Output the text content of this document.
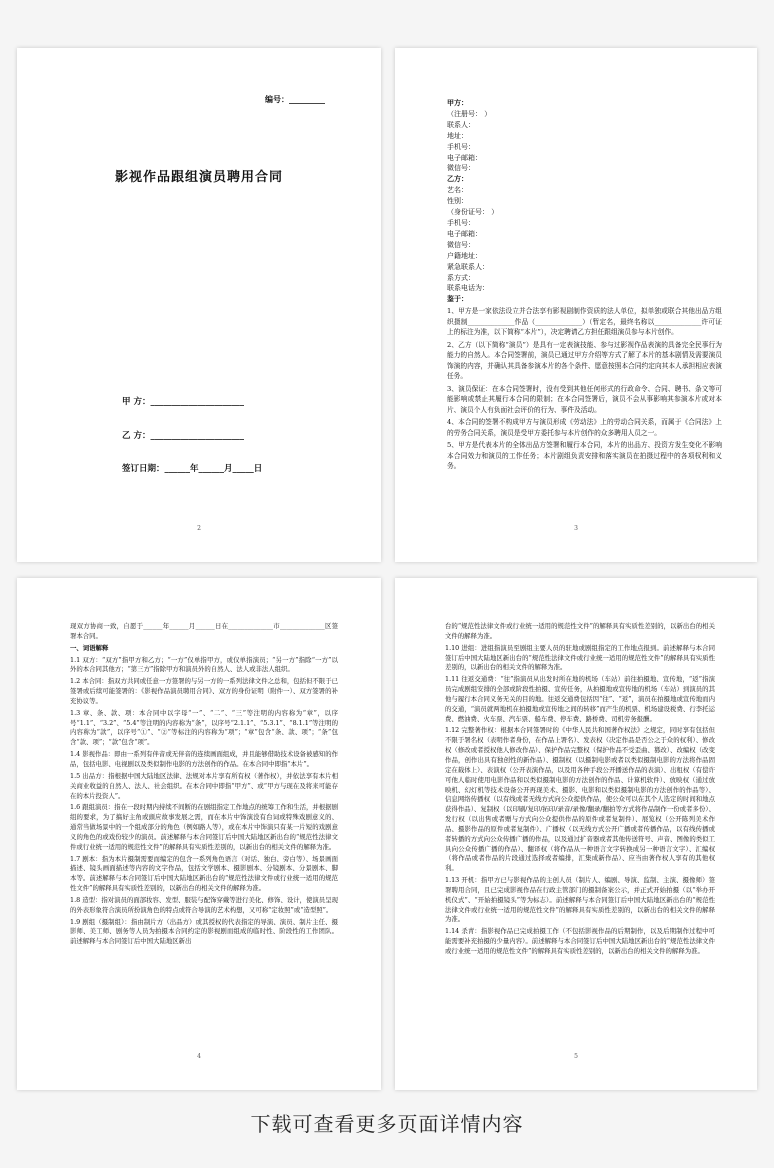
编号：_________
影视作品跟组演员聘用合同
甲 方：______________________
乙 方：______________________
签订日期：______年______月_____日
2
甲方：
（注册号： ）
联系人：
地址：
手机号：
电子邮箱：
微信号：
乙方：
艺名：
性别：
（身份证号： ）
手机号：
电子邮箱：
微信号：
户籍地址：
紧急联系人：
系方式：
联系电话为：
鉴于：

1、甲方是一家依法设立并合法享有影视剧制作资质的法人单位，拟单独或联合其他出品方组织摄制______________作品（______________）（暂定名，最终名称以______________许可证上的标注为准，以下简称“本片”），决定聘请乙方担任跟组演员参与本片创作。

2、乙方（以下简称“演员”）是具有一定表演技能、参与过影视作品表演的具备完全民事行为能力的自然人。本合同签署前，演员已通过甲方介绍等方式了解了本片的基本剧情及需要演员饰演的内容，并确认其具备参演本片的各个条件、愿意按照本合同约定向其本人承担相应表演任务。

3、演员保证：在本合同签署时，没有受到其他任何形式的行政命令、合同、聘书、条文等可能影响或禁止其履行本合同的限制；在本合同签署后，演员不会从事影响其参演本片或对本片、演员个人有负面社会评价的行为、事件及活动。

4、本合同的签署不构成甲方与演员形成《劳动法》上的劳动合同关系，而属于《合同法》上的劳务合同关系，演员是受甲方委托参与本片创作的众多聘用人员之一。

5、甲方是代表本片的全体出品方签署和履行本合同，本片的出品方、投资方发生变化不影响本合同效力和演员的工作任务；本片剧组负责安排和落实演员在拍摄过程中的各项权利和义务。

3

现双方协商一致，自愿于______年______月______日在______________市______________区签署本合同。

一、词语解释

1.1 双方：“双方”指甲方和乙方；“一方”仅单指甲方，或仅单指演员；“另一方”指除“一方”以外的本合同其他方；“第三方”指除甲方和演员外的自然人、法人或非法人组织。

1.2 本合同：指双方共同或任意一方签署的与另一方的一系列法律文件之总和，包括但不限于已签署或后续可能签署的：《影视作品演员聘用合同》、双方的身份证明（附件一）、双方签署的补充协议等。

1.3 章、条、款、项：本合同中以字母“一”、“二”、“三”等注明的内容称为“章”，以序号“1.1”、“3.2”、“5.4”等注明的内容称为“条”，以序号“2.1.1”、“5.3.1”、“8.1.1”等注明的内容称为“款”，以序号“①”、“②”等标注的内容称为“项”；“章”包含“条、款、项”；“条”包含“款、项”；“款”包含“项”。

1.4 影视作品：即由一系列有伴音或无伴音的连续画面组成，并且能够借助技术设备被感知的作品，包括电影、电视剧以及类似制作电影的方法创作的作品。在本合同中即指“本片”。

1.5 出品方：指根据中国大陆地区法律、法规对本片享有所有权（著作权），并依法享有本片相关商业收益的自然人、法人、社会组织。在本合同中即指“甲方”、或“甲方与现在及将来可能存在的本片投资人”。

1.6 跟组演员：指在一段时期内持续不间断的在剧组指定工作地点的统筹工作和生活，并根据剧组的要求，为了搞好主角或頭应故事发展之需，而在本片中饰演没有台词或特殊戏剧意义的、通常当做场景中的一个组成部分的角色（例如路人等），或在本片中饰演只有某一片短的戏剧意义的角色的或戏份较少的演员。前述解释与本合同签订后中国大陆地区新出台的“规范性法律文件或行业统一适用的规范性文件”的解释具有实质性差别的，以新出台的相关文件的解释为准。

1.7 剧本：指为本片摄制需要而编定的包含一系列角色语言（对话、独白、旁白等）、场景画面描述、镜头画面描述等内容的文字作品，包括文学剧本、摄影剧本、分镜剧本、分景剧本、脚本等。前述解释与本合同签订后中国大陆地区新出台的“规范性法律文件或行业统一适用的规范性文件”的解释具有实质性差别的，以新出台的相关文件的解释为准。

1.8 造型：指对演员的面部妆容、发型、服装与配饰穿戴等进行美化、修饰、设计，使演员呈现的外表形象符合演员所扮演角色的特点或符合导演的艺术构想，又可称“定妆照”或“造型照”。

1.9 剧组（摄制组）：指由制片方（出品方）或其授权的代表指定的导演、演员、制片主任、摄影师、美工师、剧务等人员为拍摄本合同约定的影视剧而组成的临时性、阶段性的工作团队。前述解释与本合同签订后中国大陆地区新出

4

台的“规范性法律文件或行业统一适用的规范性文件”的解释具有实质性差别的，以新出台的相关文件的解释为准。

1.10 进组：进组指演员至剧组主要人员的驻地或剧组指定的工作地点报到。前述解释与本合同签订后中国大陆地区新出台的“规范性法律文件或行业统一适用的规范性文件”的解释具有实质性差别的，以新出台的相关文件的解释为准。

1.11 往返交通费：“往”指演员从出发时所在地的机场（车站）前往拍摄地、宣传地，“返”指演员完成剧组安排的全部或阶段性拍摄、宣传任务，从拍摄地或宣传地的机场（车站）到演员的其他与履行本合同义务无关的目的地。往返交通费包括因“往”、“返”，演员在拍摄地或宣传地而内的交通，“演员就两地机在拍摄地或宣传地之间的转移”而产生的机票、机场建设税费、行李托运费、燃油费、火车票、汽车票、船车费、停车费、路桥费、司机劳务报酬。

1.12 完整著作权：根据本合同签署时的《中华人民共和国著作权法》之规定，同时享有包括但不限于署名权（表明作者身份，在作品上署名）、发表权（决定作品是否公之于众的权利）、修改权（修改或者授权他人修改作品）、保护作品完整权（保护作品不受歪曲、篡改）、改编权（改变作品，创作出具有独创性的新作品）、摄制权（以摄制电影或者以类似摄制电影的方法将作品固定在载体上）、表演权（公开表演作品，以及用各种手段公开播送作品的表演）、出租权（有偿许可他人临时使用电影作品和以类似摄制电影的方法创作的作品、计算机软件）、放映权（通过放映机、幻灯机等技术设备公开再现美术、摄影、电影和以类似摄制电影的方法创作的作品等）、信息网络传播权（以有线或者无线方式向公众提供作品，使公众可以在其个人选定的时间和地点获得作品）、复制权（以印刷/复印/拓印/录音/录像/翻录/翻拍等方式将作品制作一份或者多份）、发行权（以出售或者赠与方式向公众提供作品的原件或者复制件）、展览权（公开陈列美术作品、摄影作品的原件或者复制件）、广播权（以无线方式公开广播或者传播作品，以有线传播或者转播的方式向公众传播广播的作品，以及通过扩音器或者其他传送符号、声音、图像的类似工具向公众传播广播的作品）、翻译权（将作品从一种语言文字转换成另一种语言文字）、汇编权（将作品或者作品的片段通过选择或者编排，汇集成新作品）、应当由著作权人享有的其他权利。

1.13 开机：指甲方已与影视作品的主创人员（制片人、编剧、导演、监制、主演、摄像师）签署聘用合同，且已完成影视作品在行政主管部门的摄制备案公示，并正式开始拍摄（以“举办开机仪式”、“开始拍摄镜头”等为标志）。前述解释与本合同签订后中国大陆地区新出台的“规范性法律文件或行业统一适用的规范性文件”的解释具有实质性差别的，以新出台的相关文件的解释为准。

1.14 杀青：指影视作品已完成拍摄工作（不包括影视作品的后期制作，以及后期制作过程中可能需要补充拍摄的少量内容）。前述解释与本合同签订后中国大陆地区新出台的“规范性法律文件或行业统一适用的规范性文件”的解释具有实质性差别的，以新出台的相关文件的解释为准。

5
下载可查看更多页面详情内容
